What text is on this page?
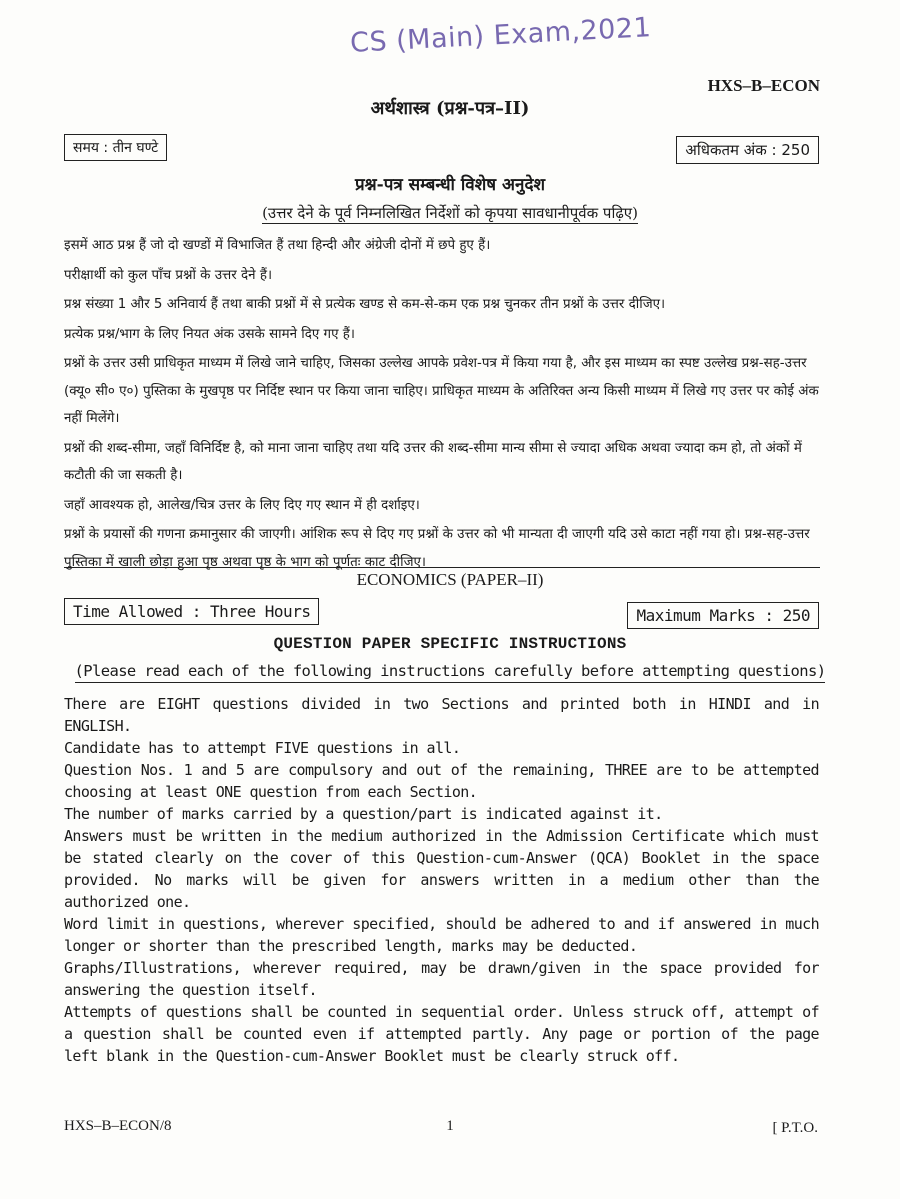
CS (Main) Exam,2021
HXS–B–ECON
अर्थशास्त्र (प्रश्न-पत्र–II)
समय : तीन घण्टे	अधिकतम अंक : 250
प्रश्न-पत्र सम्बन्धी विशेष अनुदेश
(उत्तर देने के पूर्व निम्नलिखित निर्देशों को कृपया सावधानीपूर्वक पढ़िए)

इसमें आठ प्रश्न हैं जो दो खण्डों में विभाजित हैं तथा हिन्दी और अंग्रेजी दोनों में छपे हुए हैं।

परीक्षार्थी को कुल पाँच प्रश्नों के उत्तर देने हैं।

प्रश्न संख्या 1 और 5 अनिवार्य हैं तथा बाकी प्रश्नों में से प्रत्येक खण्ड से कम-से-कम एक प्रश्न चुनकर तीन प्रश्नों के उत्तर दीजिए।

प्रत्येक प्रश्न/भाग के लिए नियत अंक उसके सामने दिए गए हैं।

प्रश्नों के उत्तर उसी प्राधिकृत माध्यम में लिखे जाने चाहिए, जिसका उल्लेख आपके प्रवेश-पत्र में किया गया है, और इस माध्यम का स्पष्ट उल्लेख प्रश्न-सह-उत्तर (क्यू० सी० ए०) पुस्तिका के मुखपृष्ठ पर निर्दिष्ट स्थान पर किया जाना चाहिए। प्राधिकृत माध्यम के अतिरिक्त अन्य किसी माध्यम में लिखे गए उत्तर पर कोई अंक नहीं मिलेंगे।

प्रश्नों की शब्द-सीमा, जहाँ विनिर्दिष्ट है, को माना जाना चाहिए तथा यदि उत्तर की शब्द-सीमा मान्य सीमा से ज्यादा अधिक अथवा ज्यादा कम हो, तो अंकों में कटौती की जा सकती है।

जहाँ आवश्यक हो, आलेख/चित्र उत्तर के लिए दिए गए स्थान में ही दर्शाइए।

प्रश्नों के प्रयासों की गणना क्रमानुसार की जाएगी। आंशिक रूप से दिए गए प्रश्नों के उत्तर को भी मान्यता दी जाएगी यदि उसे काटा नहीं गया हो। प्रश्न-सह-उत्तर पुस्तिका में खाली छोड़ा हुआ पृष्ठ अथवा पृष्ठ के भाग को पूर्णतः काट दीजिए।

ECONOMICS (PAPER–II)
Time Allowed : Three Hours	Maximum Marks : 250
QUESTION PAPER SPECIFIC INSTRUCTIONS
(Please read each of the following instructions carefully before attempting questions)

There are EIGHT questions divided in two Sections and printed both in HINDI and in ENGLISH.

Candidate has to attempt FIVE questions in all.

Question Nos. 1 and 5 are compulsory and out of the remaining, THREE are to be attempted choosing at least ONE question from each Section.

The number of marks carried by a question/part is indicated against it.

Answers must be written in the medium authorized in the Admission Certificate which must be stated clearly on the cover of this Question-cum-Answer (QCA) Booklet in the space provided. No marks will be given for answers written in a medium other than the authorized one.

Word limit in questions, wherever specified, should be adhered to and if answered in much longer or shorter than the prescribed length, marks may be deducted.

Graphs/Illustrations, wherever required, may be drawn/given in the space provided for answering the question itself.

Attempts of questions shall be counted in sequential order. Unless struck off, attempt of a question shall be counted even if attempted partly. Any page or portion of the page left blank in the Question-cum-Answer Booklet must be clearly struck off.

HXS–B–ECON/8	1	[ P.T.O.
